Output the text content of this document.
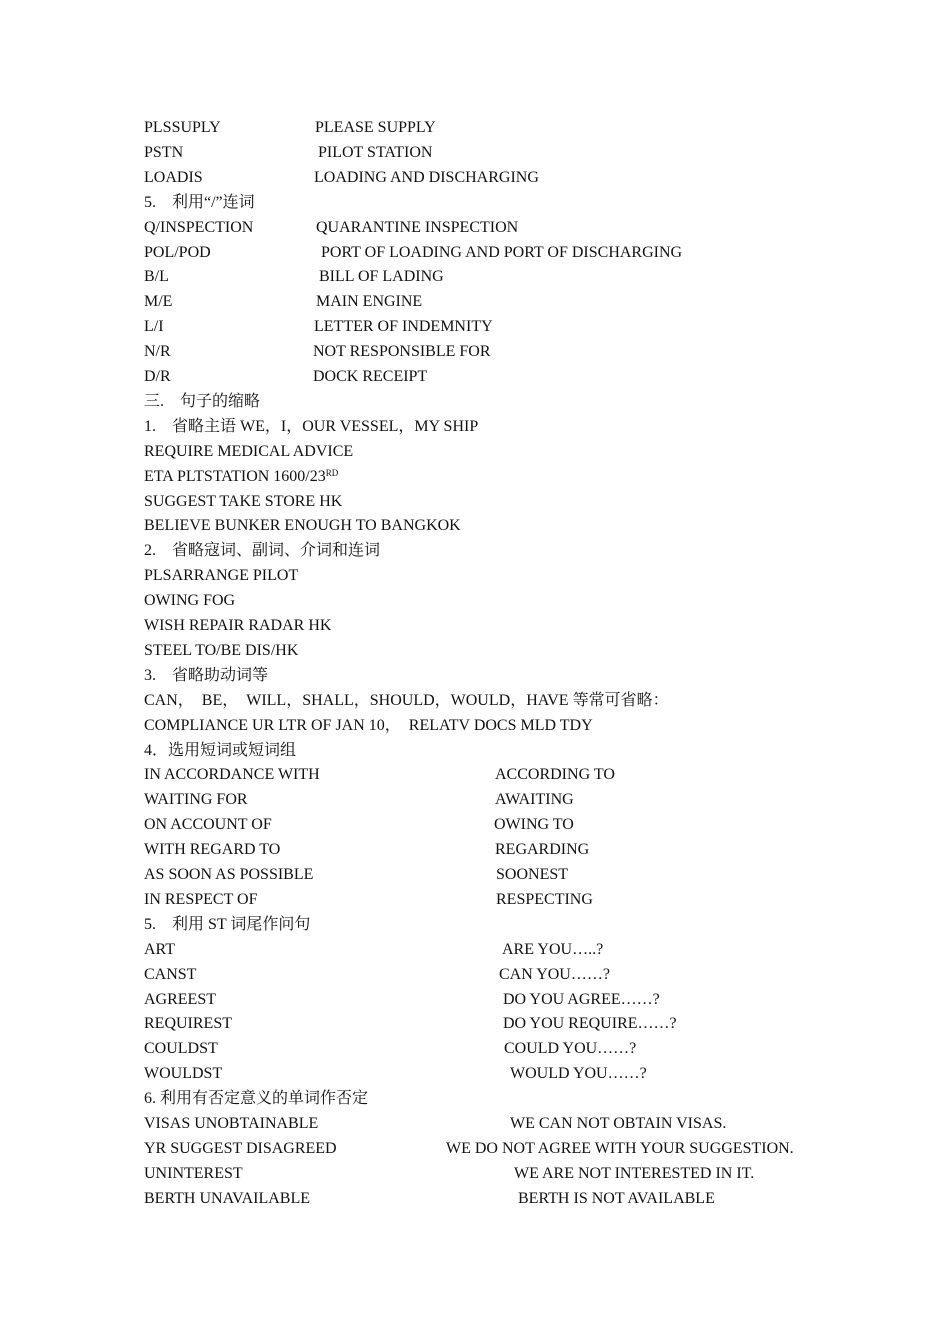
PLSSUPLY	PLEASE SUPPLY
PSTN	PILOT STATION
LOADIS	LOADING AND DISCHARGING
5.　利用“/”连词
Q/INSPECTION	QUARANTINE INSPECTION
POL/POD	PORT OF LOADING AND PORT OF DISCHARGING
B/L	BILL OF LADING
M/E	MAIN ENGINE
L/I	LETTER OF INDEMNITY
N/R	NOT RESPONSIBLE FOR
D/R	DOCK RECEIPT
三.　句子的缩略
1.　省略主语 WE，I，OUR VESSEL，MY SHIP
REQUIRE MEDICAL ADVICE
ETA PLTSTATION 1600/23RD
SUGGEST TAKE STORE HK
BELIEVE BUNKER ENOUGH TO BANGKOK
2.　省略寇词、副词、介词和连词
PLSARRANGE PILOT
OWING FOG
WISH REPAIR RADAR HK
STEEL TO/BE DIS/HK
3.　省略助动词等
CAN，　BE，　WILL，SHALL，SHOULD，WOULD，HAVE 等常可省略：
COMPLIANCE UR LTR OF JAN 10，　RELATV DOCS MLD TDY
4．选用短词或短词组
IN ACCORDANCE WITH	ACCORDING TO
WAITING FOR	AWAITING
ON ACCOUNT OF	OWING TO
WITH REGARD TO	REGARDING
AS SOON AS POSSIBLE	SOONEST
IN RESPECT OF	RESPECTING
5.　利用 ST 词尾作问句
ART	ARE YOU…..?
CANST	CAN YOU……?
AGREEST	DO YOU AGREE……?
REQUIREST	DO YOU REQUIRE……?
COULDST	COULD YOU……?
WOULDST	WOULD YOU……?
6. 利用有否定意义的单词作否定
VISAS UNOBTAINABLE	WE CAN NOT OBTAIN VISAS.
YR SUGGEST DISAGREED	WE DO NOT AGREE WITH YOUR SUGGESTION.
UNINTEREST	WE ARE NOT INTERESTED IN IT.
BERTH UNAVAILABLE	BERTH IS NOT AVAILABLE
